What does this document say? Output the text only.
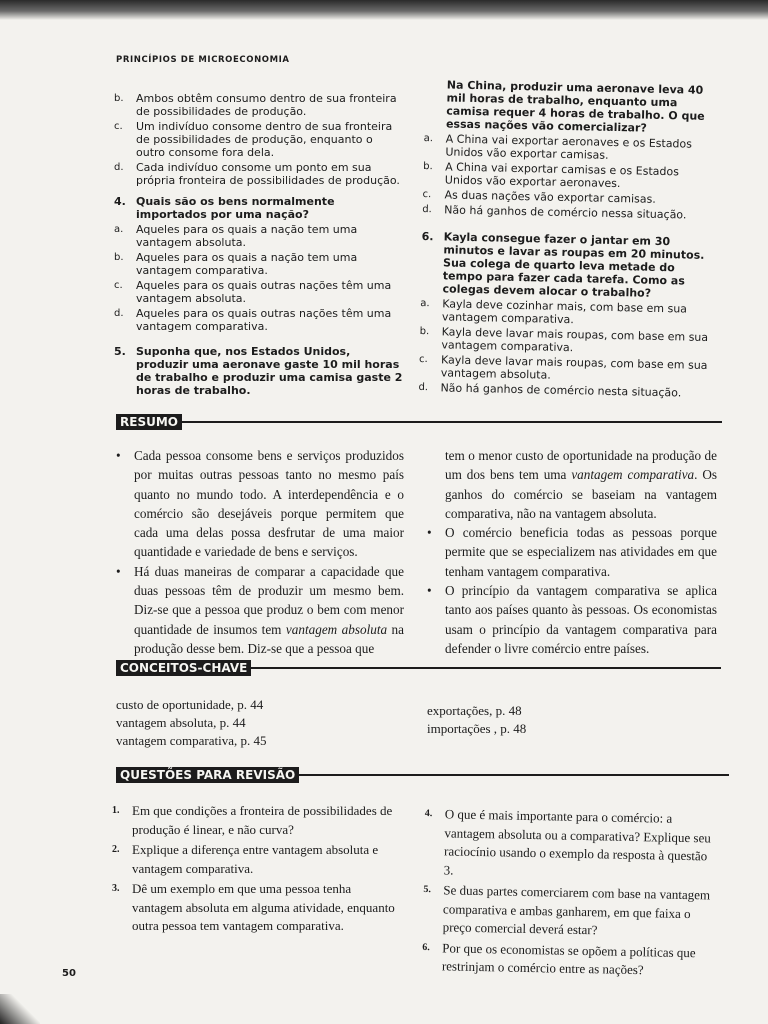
PRINCÍPIOS DE MICROECONOMIA
b.	Ambos obtêm consumo dentro de sua fronteira de possibilidades de produção.
c.	Um indivíduo consome dentro de sua fronteira de possibilidades de produção, enquanto o outro consome fora dela.
d.	Cada indivíduo consome um ponto em sua própria fronteira de possibilidades de produção.
4. Quais são os bens normalmente importados por uma nação?
a.	Aqueles para os quais a nação tem uma vantagem absoluta.
b.	Aqueles para os quais a nação tem uma vantagem comparativa.
c.	Aqueles para os quais outras nações têm uma vantagem absoluta.
d.	Aqueles para os quais outras nações têm uma vantagem comparativa.
5. Suponha que, nos Estados Unidos, produzir uma aeronave gaste 10 mil horas de trabalho e produzir uma camisa gaste 2 horas de trabalho.
Na China, produzir uma aeronave leva 40 mil horas de trabalho, enquanto uma camisa requer 4 horas de trabalho. O que essas nações vão comercializar?
a.	A China vai exportar aeronaves e os Estados Unidos vão exportar camisas.
b.	A China vai exportar camisas e os Estados Unidos vão exportar aeronaves.
c.	As duas nações vão exportar camisas.
d.	Não há ganhos de comércio nessa situação.
6. Kayla consegue fazer o jantar em 30 minutos e lavar as roupas em 20 minutos. Sua colega de quarto leva metade do tempo para fazer cada tarefa. Como as colegas devem alocar o trabalho?
a.	Kayla deve cozinhar mais, com base em sua vantagem comparativa.
b.	Kayla deve lavar mais roupas, com base em sua vantagem comparativa.
c.	Kayla deve lavar mais roupas, com base em sua vantagem absoluta.
d.	Não há ganhos de comércio nesta situação.
RESUMO
•	Cada pessoa consome bens e serviços produzidos por muitas outras pessoas tanto no mesmo país quanto no mundo todo. A interdependência e o comércio são desejáveis porque permitem que cada uma delas possa desfrutar de uma maior quantidade e variedade de bens e serviços.
•	Há duas maneiras de comparar a capacidade que duas pessoas têm de produzir um mesmo bem. Diz-se que a pessoa que produz o bem com menor quantidade de insumos tem vantagem absoluta na produção desse bem. Diz-se que a pessoa que
tem o menor custo de oportunidade na produção de um dos bens tem uma vantagem comparativa. Os ganhos do comércio se baseiam na vantagem comparativa, não na vantagem absoluta.
•	O comércio beneficia todas as pessoas porque permite que se especializem nas atividades em que tenham vantagem comparativa.
•	O princípio da vantagem comparativa se aplica tanto aos países quanto às pessoas. Os economistas usam o princípio da vantagem comparativa para defender o livre comércio entre países.
CONCEITOS-CHAVE
custo de oportunidade, p. 44
vantagem absoluta, p. 44
vantagem comparativa, p. 45
exportações, p. 48
importações , p. 48
QUESTÕES PARA REVISÃO
1. Em que condições a fronteira de possibilidades de produção é linear, e não curva?
2. Explique a diferença entre vantagem absoluta e vantagem comparativa.
3. Dê um exemplo em que uma pessoa tenha vantagem absoluta em alguma atividade, enquanto outra pessoa tem vantagem comparativa.
4. O que é mais importante para o comércio: a vantagem absoluta ou a comparativa? Explique seu raciocínio usando o exemplo da resposta à questão 3.
5. Se duas partes comerciarem com base na vantagem comparativa e ambas ganharem, em que faixa o preço comercial deverá estar?
6. Por que os economistas se opõem a políticas que restrinjam o comércio entre as nações?
50
